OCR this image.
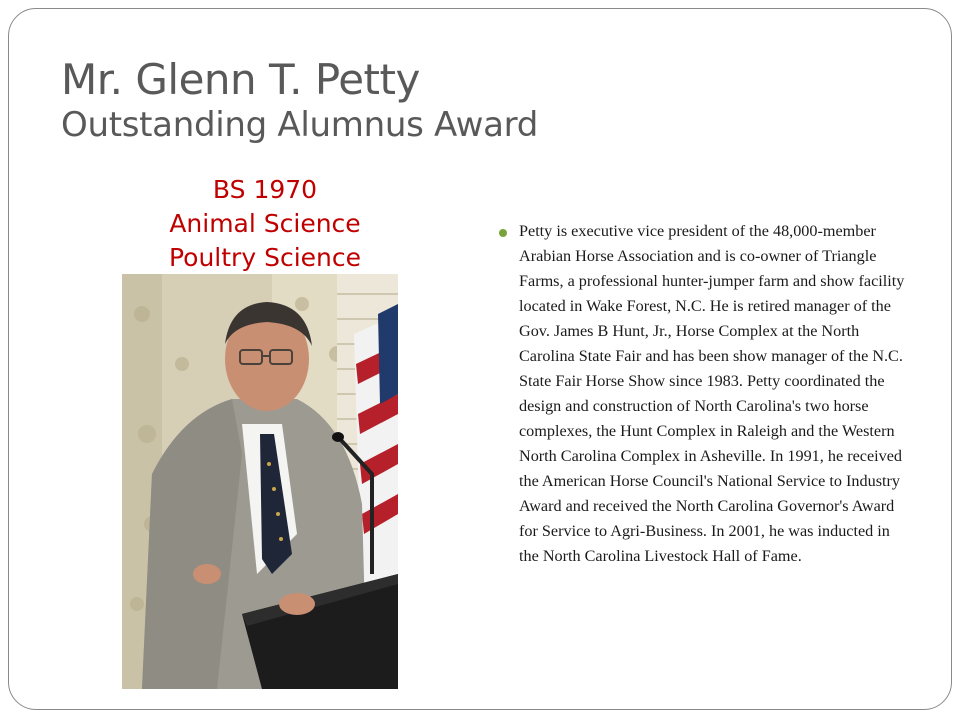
Mr. Glenn T. Petty
Outstanding Alumnus Award
BS 1970
Animal Science
Poultry Science

Petty is executive vice president of the 48,000-member Arabian Horse Association and is co-owner of Triangle Farms, a professional hunter-jumper farm and show facility located in Wake Forest, N.C. He is retired manager of the Gov. James B Hunt, Jr., Horse Complex at the North Carolina State Fair and has been show manager of the N.C. State Fair Horse Show since 1983. Petty coordinated the design and construction of North Carolina's two horse complexes, the Hunt Complex in Raleigh and the Western North Carolina Complex in Asheville. In 1991, he received the American Horse Council's National Service to Industry Award and received the North Carolina Governor's Award for Service to Agri-Business. In 2001, he was inducted in the North Carolina Livestock Hall of Fame.
